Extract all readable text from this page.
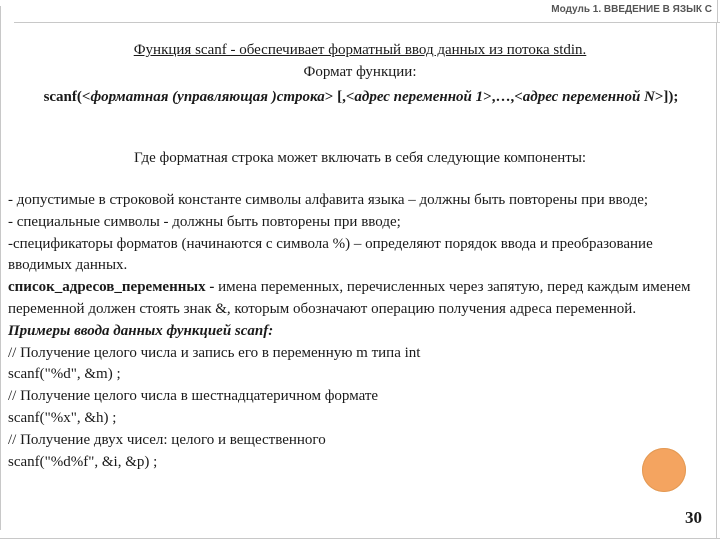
Модуль 1. ВВЕДЕНИЕ В ЯЗЫК С
Функция scanf - обеспечивает форматный ввод данных из потока stdin.
Формат функции:
scanf(<форматная (управляющая )строка> [,<адрес переменной 1>,…,<адрес переменной N>]);
Где форматная строка может включать в себя следующие компоненты:

- допустимые в строковой константе символы алфавита языка – должны быть повторены при вводе;

- специальные символы - должны быть повторены при вводе;

-спецификаторы форматов (начинаются с символа %) – определяют порядок ввода и преобразование вводимых данных.

список_адресов_переменных - имена переменных, перечисленных через запятую, перед каждым именем переменной должен стоять знак &, которым обозначают операцию получения адреса переменной.

Примеры ввода данных функцией scanf:

// Получение целого числа и запись его в переменную m типа int

scanf("%d", &m) ;

// Получение целого числа в шестнадцатеричном формате

scanf("%x", &h) ;

// Получение двух чисел: целого и вещественного

scanf("%d%f", &i, &p) ;

30
